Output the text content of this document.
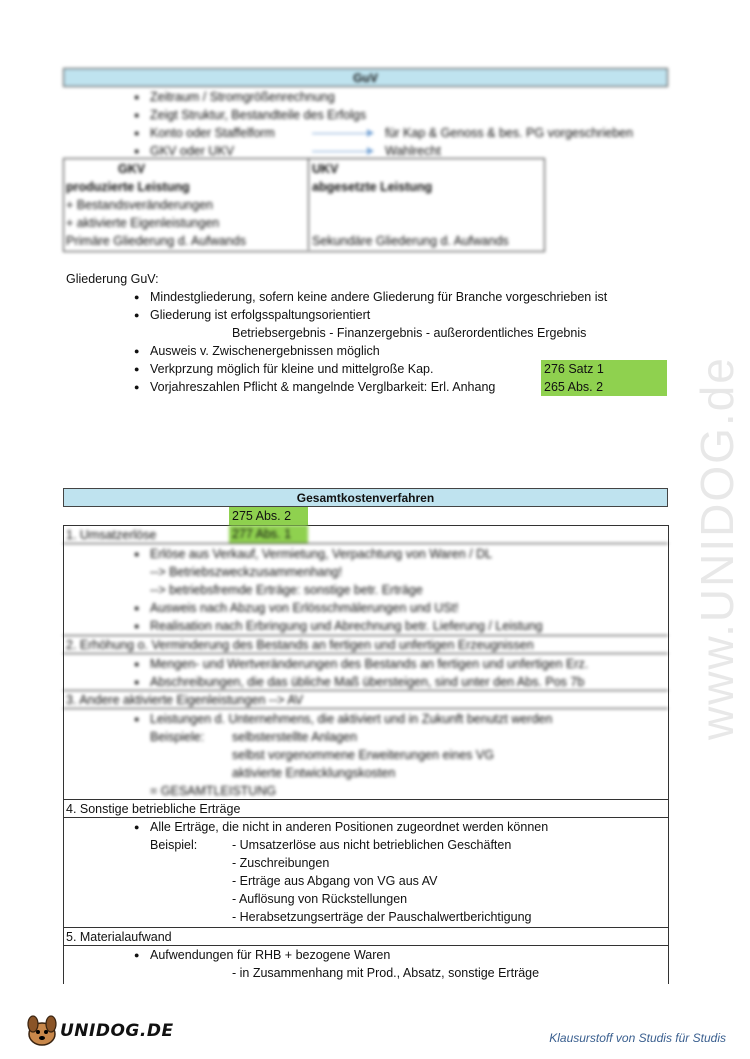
www.UNIDOG.de
GuV
● Zeitraum / Stromgrößenrechnung
● Zeigt Struktur, Bestandteile des Erfolgs
● Konto oder Staffelform
● GKV oder UKV
für Kap & Genoss & bes. PG vorgeschrieben
Wahlrecht
GKV
produzierte Leistung
+ Bestandsveränderungen
+ aktivierte Eigenleistungen
Primäre Gliederung d. Aufwands
UKV
abgesetzte Leistung
Sekundäre Gliederung d. Aufwands
Gliederung GuV:
● Mindestgliederung, sofern keine andere Gliederung für Branche vorgeschrieben ist
● Gliederung ist erfolgsspaltungsorientiert
Betriebsergebnis - Finanzergebnis - außerordentliches Ergebnis
● Ausweis v. Zwischenergebnissen möglich
● Verkprzung möglich für kleine und mittelgroße Kap.
● Vorjahreszahlen Pflicht & mangelnde Verglbarkeit: Erl. Anhang
276 Satz 1
265 Abs. 2
Gesamtkostenverfahren
275 Abs. 2
277 Abs. 1
1. Umsatzerlöse
● Erlöse aus Verkauf, Vermietung, Verpachtung von Waren / DL
--> Betriebszweckzusammenhang!
--> betriebsfremde Erträge: sonstige betr. Erträge
● Ausweis nach Abzug von Erlösschmälerungen und USt!
● Realisation nach Erbringung und Abrechnung betr. Lieferung / Leistung
2. Erhöhung o. Verminderung des Bestands an fertigen und unfertigen Erzeugnissen
● Mengen- und Wertveränderungen des Bestands an fertigen und unfertigen Erz.
● Abschreibungen, die das übliche Maß übersteigen, sind unter den Abs. Pos 7b
3. Andere aktivierte Eigenleistungen --> AV
● Leistungen d. Unternehmens, die aktiviert und in Zukunft benutzt werden
Beispiele: selbsterstellte Anlagen
selbst vorgenommene Erweiterungen eines VG
aktivierte Entwicklungskosten
= GESAMTLEISTUNG
4. Sonstige betriebliche Erträge
● Alle Erträge, die nicht in anderen Positionen zugeordnet werden können
Beispiel:	- Umsatzerlöse aus nicht betrieblichen Geschäften
- Zuschreibungen
- Erträge aus Abgang von VG aus AV
- Auflösung von Rückstellungen
- Herabsetzungserträge der Pauschalwertberichtigung
5. Materialaufwand
● Aufwendungen für RHB + bezogene Waren
- in Zusammenhang mit Prod., Absatz, sonstige Erträge
UNIDOG.DE	Klausurstoff von Studis für Studis
